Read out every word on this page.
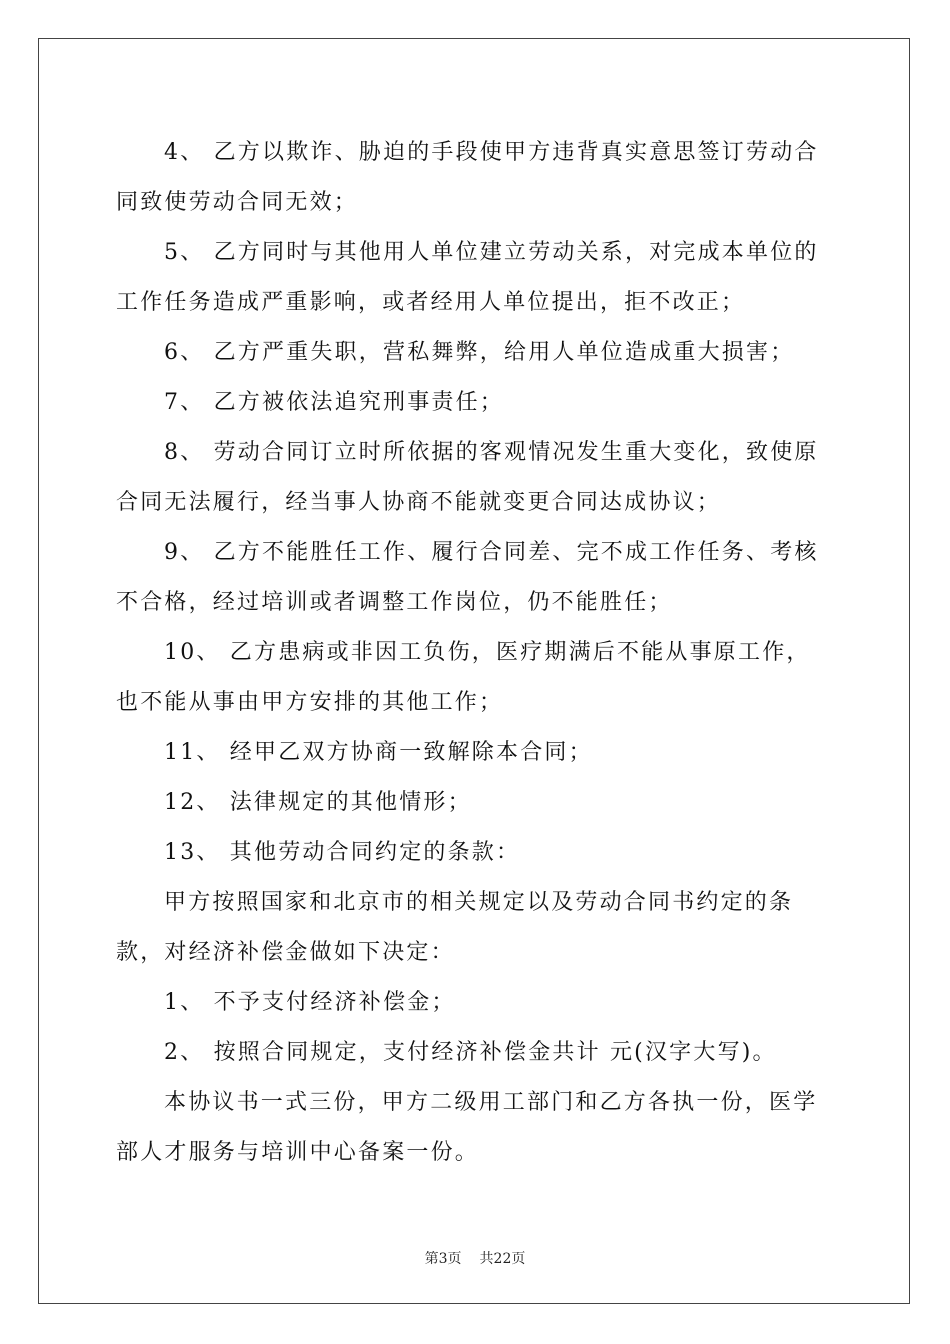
4、 乙方以欺诈、胁迫的手段使甲方违背真实意思签订劳动合同致使劳动合同无效；

5、 乙方同时与其他用人单位建立劳动关系，对完成本单位的工作任务造成严重影响，或者经用人单位提出，拒不改正；

6、 乙方严重失职，营私舞弊，给用人单位造成重大损害；

7、 乙方被依法追究刑事责任；

8、 劳动合同订立时所依据的客观情况发生重大变化，致使原合同无法履行，经当事人协商不能就变更合同达成协议；

9、 乙方不能胜任工作、履行合同差、完不成工作任务、考核不合格，经过培训或者调整工作岗位，仍不能胜任；

10、 乙方患病或非因工负伤，医疗期满后不能从事原工作，也不能从事由甲方安排的其他工作；

11、 经甲乙双方协商一致解除本合同；

12、 法律规定的其他情形；

13、 其他劳动合同约定的条款：

甲方按照国家和北京市的相关规定以及劳动合同书约定的条款，对经济补偿金做如下决定：

1、 不予支付经济补偿金；

2、 按照合同规定，支付经济补偿金共计 元(汉字大写)。

本协议书一式三份，甲方二级用工部门和乙方各执一份，医学部人才服务与培训中心备案一份。

第3页 共22页
